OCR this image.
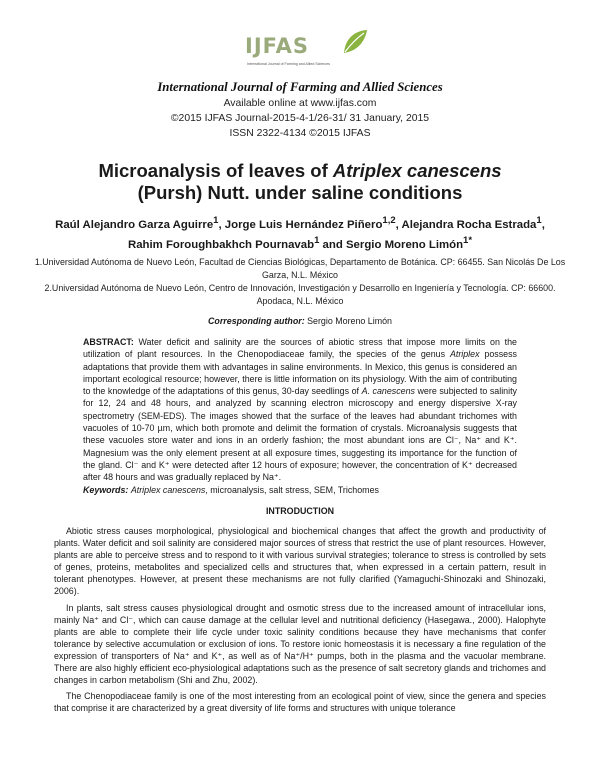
IJFAS
International Journal of Farming and Allied Sciences
International Journal of Farming and Allied Sciences
Available online at www.ijfas.com
©2015 IJFAS Journal-2015-4-1/26-31/ 31 January, 2015
ISSN 2322-4134 ©2015 IJFAS
Microanalysis of leaves of Atriplex canescens
(Pursh) Nutt. under saline conditions
Raúl Alejandro Garza Aguirre$^1$, Jorge Luis Hernández Piñero$^{1,2}$, Alejandra Rocha Estrada$^1$, Rahim Foroughbakhch Pournavab$^1$ and Sergio Moreno Limón$^{1*}$
1.Universidad Autónoma de Nuevo León, Facultad de Ciencias Biológicas, Departamento de Botánica. CP: 66455. San Nicolás De Los Garza, N.L. México
2.Universidad Autónoma de Nuevo León, Centro de Innovación, Investigación y Desarrollo en Ingeniería y Tecnología. CP: 66600. Apodaca, N.L. México
Corresponding author: Sergio Moreno Limón
ABSTRACT: Water deficit and salinity are the sources of abiotic stress that impose more limits on the utilization of plant resources. In the Chenopodiaceae family, the species of the genus Atriplex possess adaptations that provide them with advantages in saline environments. In Mexico, this genus is considered an important ecological resource; however, there is little information on its physiology. With the aim of contributing to the knowledge of the adaptations of this genus, 30-day seedlings of A. canescens were subjected to salinity for 12, 24 and 48 hours, and analyzed by scanning electron microscopy and energy dispersive X-ray spectrometry (SEM-EDS). The images showed that the surface of the leaves had abundant trichomes with vacuoles of 10-70 µm, which both promote and delimit the formation of crystals. Microanalysis suggests that these vacuoles store water and ions in an orderly fashion; the most abundant ions are Cl⁻, Na⁺ and K⁺. Magnesium was the only element present at all exposure times, suggesting its importance for the function of the gland. Cl⁻ and K⁺ were detected after 12 hours of exposure; however, the concentration of K⁺ decreased after 48 hours and was gradually replaced by Na⁺.
Keywords: Atriplex canescens, microanalysis, salt stress, SEM, Trichomes
INTRODUCTION

Abiotic stress causes morphological, physiological and biochemical changes that affect the growth and productivity of plants. Water deficit and soil salinity are considered major sources of stress that restrict the use of plant resources. However, plants are able to perceive stress and to respond to it with various survival strategies; tolerance to stress is controlled by sets of genes, proteins, metabolites and specialized cells and structures that, when expressed in a certain pattern, result in tolerant phenotypes. However, at present these mechanisms are not fully clarified (Yamaguchi-Shinozaki and Shinozaki, 2006).

In plants, salt stress causes physiological drought and osmotic stress due to the increased amount of intracellular ions, mainly Na⁺ and Cl⁻, which can cause damage at the cellular level and nutritional deficiency (Hasegawa., 2000). Halophyte plants are able to complete their life cycle under toxic salinity conditions because they have mechanisms that confer tolerance by selective accumulation or exclusion of ions. To restore ionic homeostasis it is necessary a fine regulation of the expression of transporters of Na⁺ and K⁺, as well as of Na⁺/H⁺ pumps, both in the plasma and the vacuolar membrane. There are also highly efficient eco-physiological adaptations such as the presence of salt secretory glands and trichomes and changes in carbon metabolism (Shi and Zhu, 2002).

The Chenopodiaceae family is one of the most interesting from an ecological point of view, since the genera and species that comprise it are characterized by a great diversity of life forms and structures with unique tolerance
